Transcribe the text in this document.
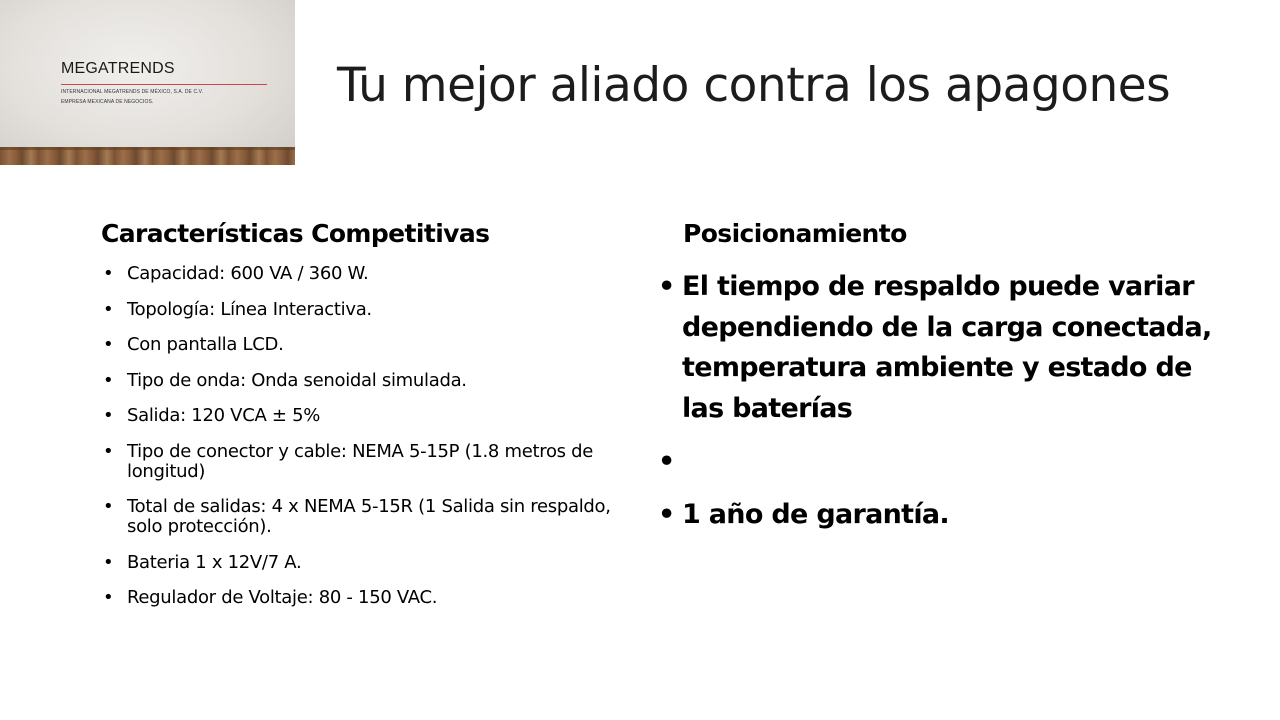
MEGATRENDS
INTERNACIONAL MEGATRENDS DE MÉXICO, S.A. DE C.V.
EMPRESA MEXICANA DE NEGOCIOS.	Tu mejor aliado contra los apagones
Características Competitivas
• Capacidad: 600 VA / 360 W.
• Topología: Línea Interactiva.
• Con pantalla LCD.
• Tipo de onda: Onda senoidal simulada.
• Salida: 120 VCA ± 5%
• Tipo de conector y cable: NEMA 5-15P (1.8 metros de longitud)
• Total de salidas: 4 x NEMA 5-15R (1 Salida sin respaldo, solo protección).
• Bateria 1 x 12V/7 A.
• Regulador de Voltaje: 80 - 150 VAC.
Posicionamiento
• El tiempo de respaldo puede variar dependiendo de la carga conectada, temperatura ambiente y estado de las baterías
•
• 1 año de garantía.
